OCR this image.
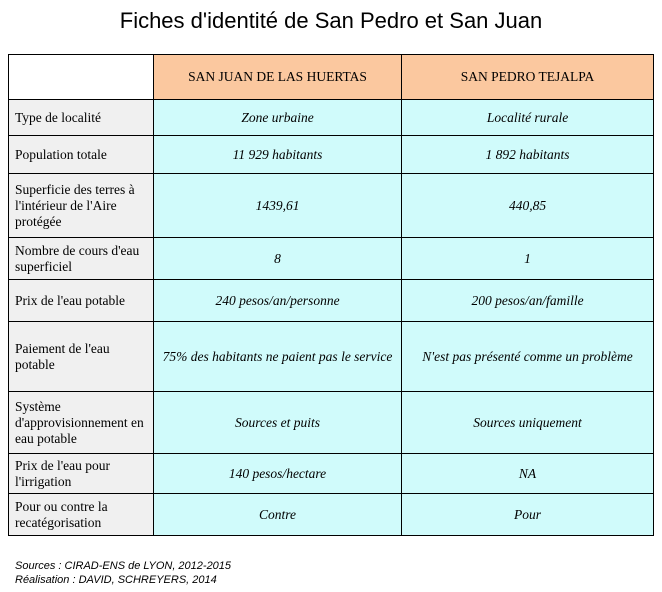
Fiches d'identité de San Pedro et San Juan
	SAN JUAN DE LAS HUERTAS	SAN PEDRO TEJALPA
Type de localité	Zone urbaine	Localité rurale
Population totale	11 929 habitants	1 892 habitants
Superficie des terres à l'intérieur de l'Aire protégée	1439,61	440,85
Nombre de cours d'eau superficiel	8	1
Prix de l'eau potable	240 pesos/an/personne	200 pesos/an/famille
Paiement de l'eau potable	75% des habitants ne paient pas le service	N'est pas présenté comme un problème
Système d'approvisionnement en eau potable	Sources et puits	Sources uniquement
Prix de l'eau pour l'irrigation	140 pesos/hectare	NA
Pour ou contre la recatégorisation	Contre	Pour
Sources : CIRAD-ENS de LYON, 2012-2015
Réalisation : DAVID, SCHREYERS, 2014
